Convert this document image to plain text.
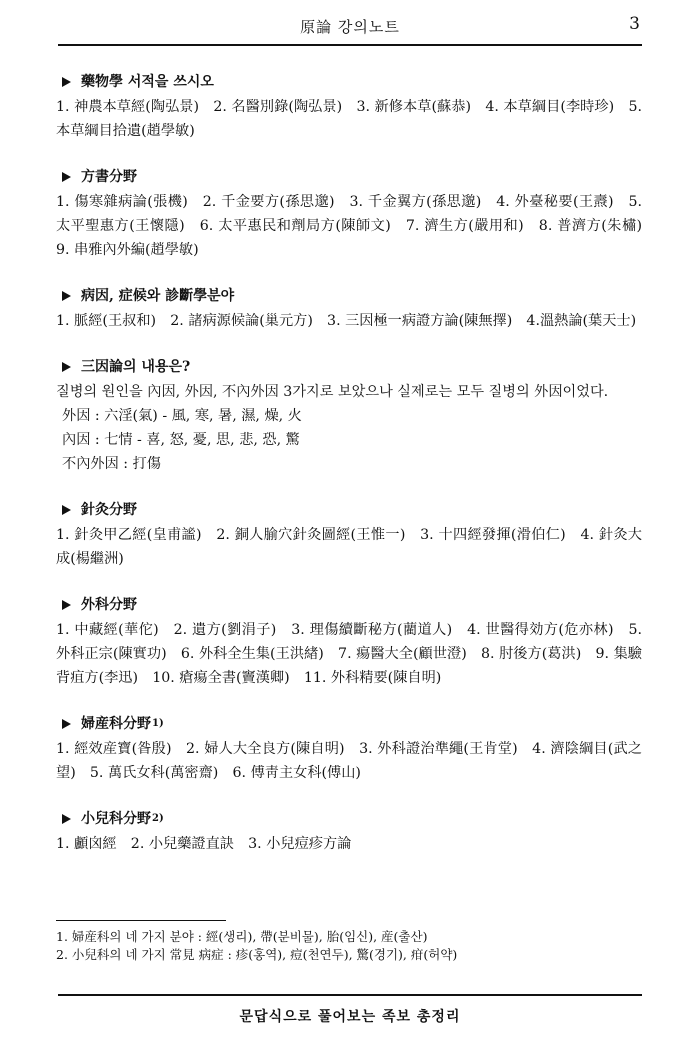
原論 강의노트	3
藥物學 서적을 쓰시오
1. 神農本草經(陶弘景)　2. 名醫別錄(陶弘景)　3. 新修本草(蘇恭)　4. 本草綱目(李時珍)　5. 本草綱目拾遺(趙學敏)
方書分野
1. 傷寒雜病論(張機)　2. 千金要方(孫思邈)　3. 千金翼方(孫思邈)　4. 外臺秘要(王燾)　5. 太平聖惠方(王懷隱)　6. 太平惠民和劑局方(陳師文)　7. 濟生方(嚴用和)　8. 普濟方(朱橚)　9. 串雅內外編(趙學敏)
病因, 症候와 診斷學분야
1. 脈經(王叔和)　2. 諸病源候論(巢元方)　3. 三因極一病證方論(陳無擇)　4.溫熱論(葉天士)
三因論의 내용은?
질병의 원인을 內因, 外因, 不內外因 3가지로 보았으나 실제로는 모두 질병의 外因이었다.
外因 : 六淫(氣) - 風, 寒, 暑, 濕, 燥, 火
內因 : 七情 - 喜, 怒, 憂, 思, 悲, 恐, 驚
不內外因 : 打傷
針灸分野
1. 針灸甲乙經(皇甫謐)　2. 銅人腧穴針灸圖經(王惟一)　3. 十四經發揮(滑伯仁)　4. 針灸大成(楊繼洲)
外科分野
1. 中藏經(華佗)　2. 遺方(劉涓子)　3. 理傷續斷秘方(藺道人)　4. 世醫得効方(危亦林)　5. 外科正宗(陳實功)　6. 外科全生集(王洪緖)　7. 瘍醫大全(顧世澄)　8. 肘後方(葛洪)　9. 集驗背疽方(李迅)　10. 瘡瘍全書(竇漢卿)　11. 外科精要(陳自明)
婦産科分野 1)
1. 經效産寶(昝殷)　2. 婦人大全良方(陳自明)　3. 外科證治準繩(王肯堂)　4. 濟陰綱目(武之望)　5. 萬氏女科(萬密齋)　6. 傅靑主女科(傅山)
小兒科分野 2)
1. 顱囟經　2. 小兒藥證直訣　3. 小兒痘疹方論
1. 婦産科의 네 가지 분야 : 經(생리), 帶(분비물), 胎(임신), 産(출산)
2. 小兒科의 네 가지 常見 病症 : 疹(홍역), 痘(천연두), 驚(경기), 疳(허약)
문답식으로 풀어보는 족보 총정리
